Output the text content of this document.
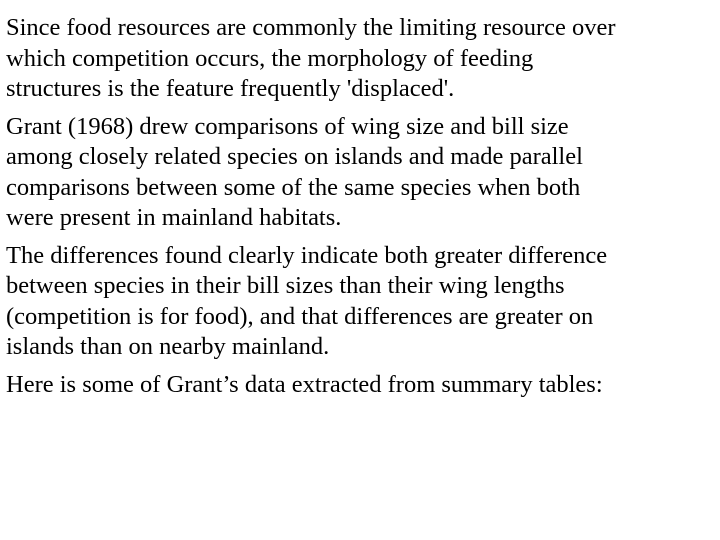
Since food resources are commonly the limiting resource over
which competition occurs, the morphology of feeding
structures is the feature frequently 'displaced'.

Grant (1968) drew comparisons of wing size and bill size
among closely related species on islands and made parallel
comparisons between some of the same species when both
were present in mainland habitats.

The differences found clearly indicate both greater difference
between species in their bill sizes than their wing lengths
(competition is for food), and that differences are greater on
islands than on nearby mainland.

Here is some of Grant’s data extracted from summary tables:
